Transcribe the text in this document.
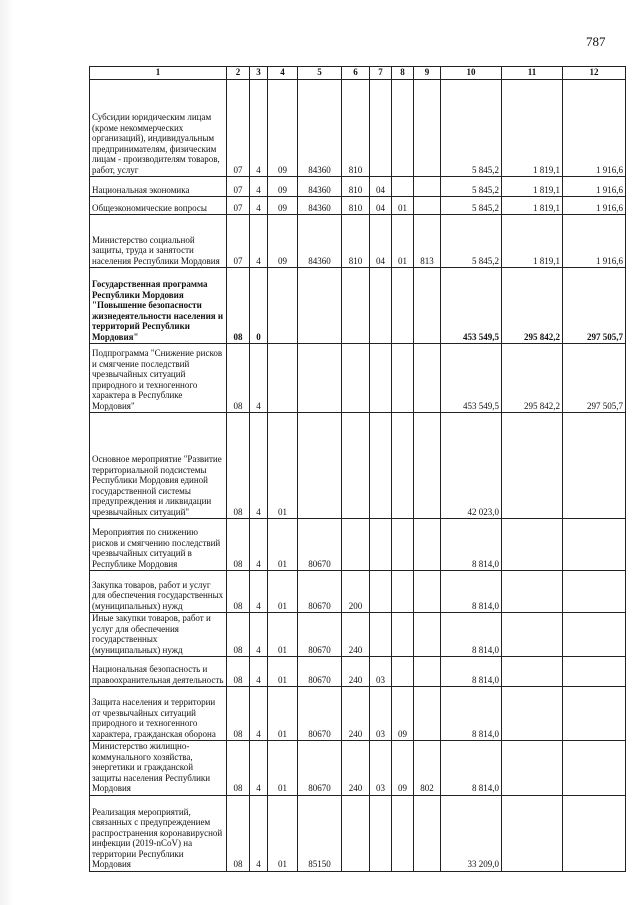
787
1	2	3	4	5	6	7	8	9	10	11	12
Субсидии юридическим лицам (кроме некоммерческих организаций), индивидуальным предпринимателям, физическим лицам - производителям товаров, работ, услуг	07	4	09	84360	810				5 845,2	1 819,1	1 916,6
Национальная экономика	07	4	09	84360	810	04			5 845,2	1 819,1	1 916,6
Общеэкономические вопросы	07	4	09	84360	810	04	01		5 845,2	1 819,1	1 916,6
Министерство социальной защиты, труда и занятости населения Республики Мордовия	07	4	09	84360	810	04	01	813	5 845,2	1 819,1	1 916,6
Государственная программа Республики Мордовия "Повышение безопасности жизнедеятельности населения и территорий Республики Мордовия"	08	0							453 549,5	295 842,2	297 505,7
Подпрограмма "Снижение рисков и смягчение последствий чрезвычайных ситуаций природного и техногенного характера в Республике Мордовия"	08	4							453 549,5	295 842,2	297 505,7
Основное мероприятие "Развитие территориальной подсистемы Республики Мордовия единой государственной системы предупреждения и ликвидации чрезвычайных ситуаций"	08	4	01						42 023,0		
Мероприятия по снижению рисков и смягчению последствий чрезвычайных ситуаций в Республике Мордовия	08	4	01	80670					8 814,0		
Закупка товаров, работ и услуг для обеспечения государственных (муниципальных) нужд	08	4	01	80670	200				8 814,0		
Иные закупки товаров, работ и услуг для обеспечения государственных (муниципальных) нужд	08	4	01	80670	240				8 814,0		
Национальная безопасность и правоохранительная деятельность	08	4	01	80670	240	03			8 814,0		
Защита населения и территории от чрезвычайных ситуаций природного и техногенного характера, гражданская оборона	08	4	01	80670	240	03	09		8 814,0		
Министерство жилищно-коммунального хозяйства, энергетики и гражданской защиты населения Республики Мордовия	08	4	01	80670	240	03	09	802	8 814,0		
Реализация мероприятий, связанных с предупреждением распространения коронавирусной инфекции (2019-nCoV) на территории Республики Мордовия	08	4	01	85150					33 209,0		
